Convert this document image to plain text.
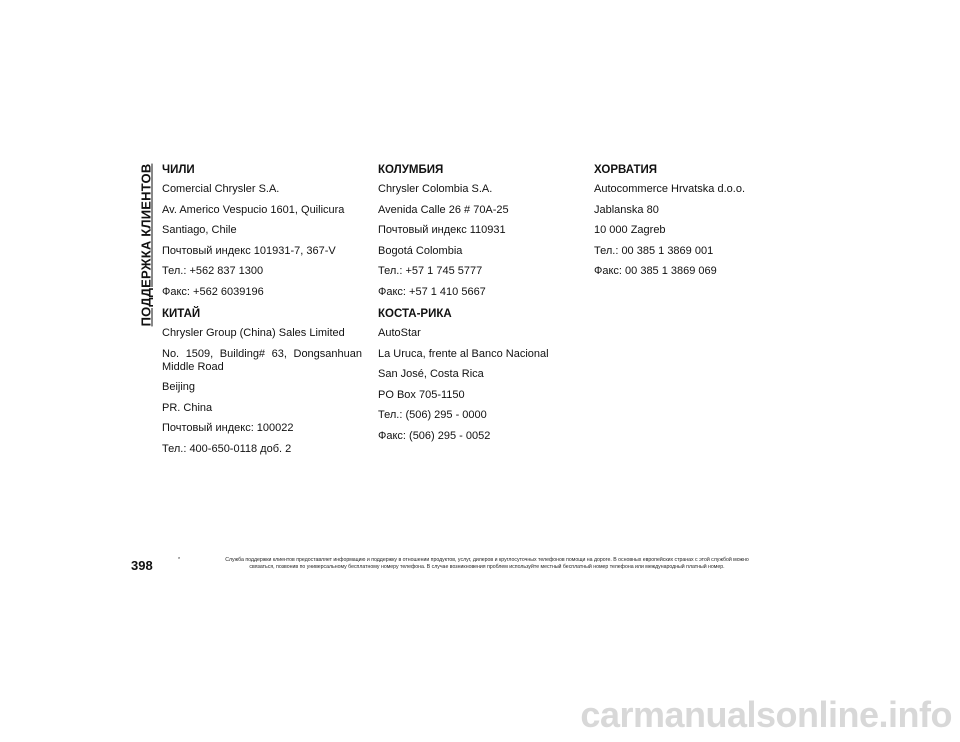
ПОДДЕРЖКА КЛИЕНТОВ ЧИЛИ
Comercial Chrysler S.A.
Av. Americo Vespucio 1601, Quilicura
Santiago, Chile
Почтовый индекс 101931-7, 367-V
Тел.: +562 837 1300
Факс: +562 6039196
КИТАЙ
Chrysler Group (China) Sales Limited
No. 1509, Building# 63, Dongsanhuan Middle Road
Beijing
PR. China
Почтовый индекс: 100022
Тел.: 400-650-0118 доб. 2
КОЛУМБИЯ
Chrysler Colombia S.A.
Avenida Calle 26 # 70A-25
Почтовый индекс 110931
Bogotá Colombia
Тел.: +57 1 745 5777
Факс: +57 1 410 5667
КОСТА-РИКА
AutoStar
La Uruca, frente al Banco Nacional
San José, Costa Rica
PO Box 705-1150
Тел.: (506) 295 - 0000
Факс: (506) 295 - 0052
ХОРВАТИЯ
Autocommerce Hrvatska d.o.o.
Jablanska 80
10 000 Zagreb
Тел.: 00 385 1 3869 001
Факс: 00 385 1 3869 069
398	*	Служба поддержки клиентов предоставляет информацию и поддержку в отношении продуктов, услуг, дилеров и круглосуточных телефонов помощи на дороге. В основных европейских странах с этой службой можно
связаться, позвонив по универсальному бесплатному номеру телефона. В случае возникновения проблем используйте местный бесплатный номер телефона или международный платный номер.
carmanualsonline.info
